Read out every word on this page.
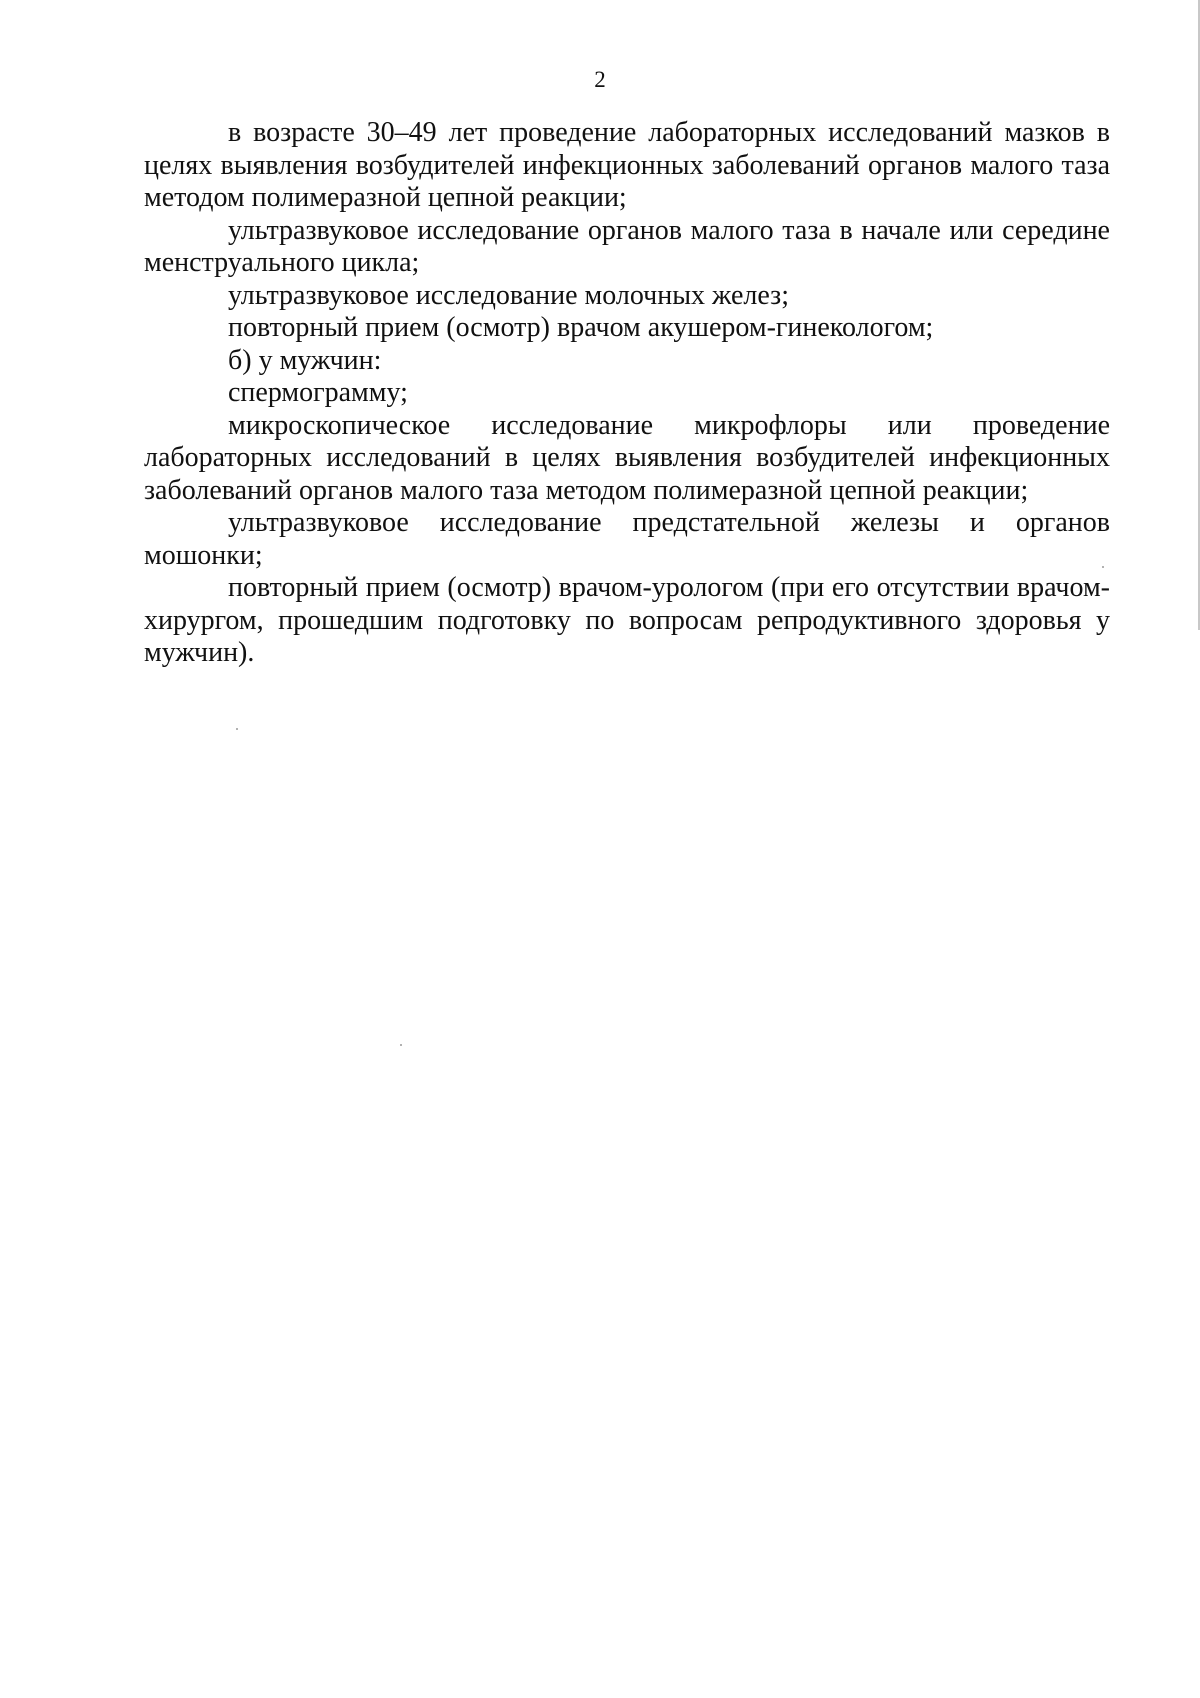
2

в возрасте 30–49 лет проведение лабораторных исследований мазков в целях выявления возбудителей инфекционных заболеваний органов малого таза методом полимеразной цепной реакции;

ультразвуковое исследование органов малого таза в начале или середине менструального цикла;

ультразвуковое исследование молочных желез;

повторный прием (осмотр) врачом акушером-гинекологом;

б) у мужчин:

спермограмму;

микроскопическое исследование микрофлоры или проведение лабораторных исследований в целях выявления возбудителей инфекционных заболеваний органов малого таза методом полимеразной цепной реакции;

ультразвуковое исследование предстательной железы и органов мошонки;

повторный прием (осмотр) врачом-урологом (при его отсутствии врачом-хирургом, прошедшим подготовку по вопросам репродуктивного здоровья у мужчин).
